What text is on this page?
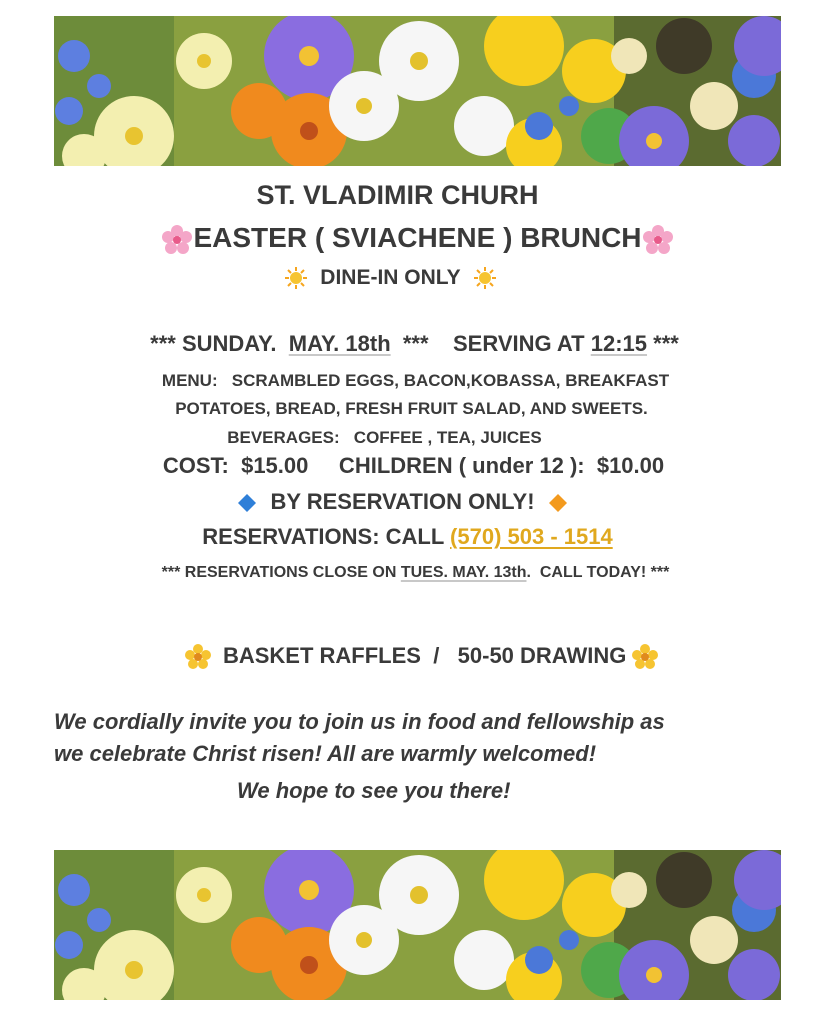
ST. VLADIMIR CHURH
EASTER ( SVIACHENE ) BRUNCH
DINE-IN ONLY
*** SUNDAY. MAY. 18th ***    SERVING AT 12:15 ***
MENU:   SCRAMBLED EGGS, BACON,KOBASSA, BREAKFAST
POTATOES, BREAD, FRESH FRUIT SALAD, AND SWEETS.
BEVERAGES:   COFFEE , TEA, JUICES
COST:  $15.00     CHILDREN ( under 12 ):  $10.00
BY RESERVATION ONLY!
RESERVATIONS: CALL (570) 503 - 1514
*** RESERVATIONS CLOSE ON TUES. MAY. 13th.  CALL TODAY! ***

BASKET RAFFLES  /   50-50 DRAWING

We cordially invite you to join us in food and fellowship as
we celebrate Christ risen! All are warmly welcomed!
We hope to see you there!
